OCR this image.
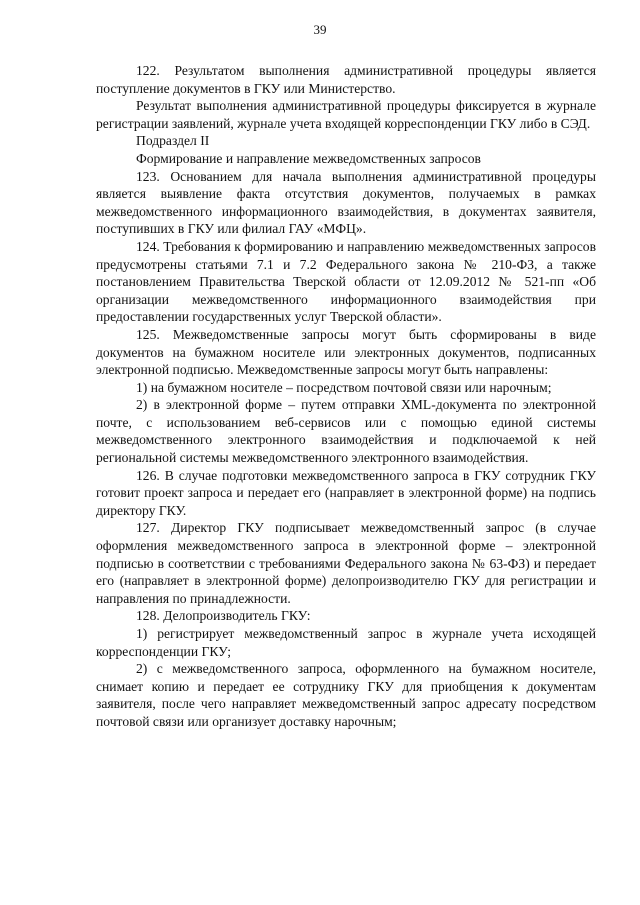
39

122. Результатом выполнения административной процедуры является поступление документов в ГКУ или Министерство.

Результат выполнения административной процедуры фиксируется в журнале регистрации заявлений, журнале учета входящей корреспонденции ГКУ либо в СЭД.

Подраздел II

Формирование и направление межведомственных запросов

123. Основанием для начала выполнения административной процедуры является выявление факта отсутствия документов, получаемых в рамках межведомственного информационного взаимодействия, в документах заявителя, поступивших в ГКУ или филиал ГАУ «МФЦ».

124. Требования к формированию и направлению межведомственных запросов предусмотрены статьями 7.1 и 7.2 Федерального закона № 210-ФЗ, а также постановлением Правительства Тверской области от 12.09.2012 № 521-пп «Об организации межведомственного информационного взаимодействия при предоставлении государственных услуг Тверской области».

125. Межведомственные запросы могут быть сформированы в виде документов на бумажном носителе или электронных документов, подписанных электронной подписью. Межведомственные запросы могут быть направлены:

1) на бумажном носителе – посредством почтовой связи или нарочным;

2) в электронной форме – путем отправки XML-документа по электронной почте, с использованием веб-сервисов или с помощью единой системы межведомственного электронного взаимодействия и подключаемой к ней региональной системы межведомственного электронного взаимодействия.

126. В случае подготовки межведомственного запроса в ГКУ сотрудник ГКУ готовит проект запроса и передает его (направляет в электронной форме) на подпись директору ГКУ.

127. Директор ГКУ подписывает межведомственный запрос (в случае оформления межведомственного запроса в электронной форме – электронной подписью в соответствии с требованиями Федерального закона № 63-ФЗ) и передает его (направляет в электронной форме) делопроизводителю ГКУ для регистрации и направления по принадлежности.

128. Делопроизводитель ГКУ:

1) регистрирует межведомственный запрос в журнале учета исходящей корреспонденции ГКУ;

2) с межведомственного запроса, оформленного на бумажном носителе, снимает копию и передает ее сотруднику ГКУ для приобщения к документам заявителя, после чего направляет межведомственный запрос адресату посредством почтовой связи или организует доставку нарочным;
